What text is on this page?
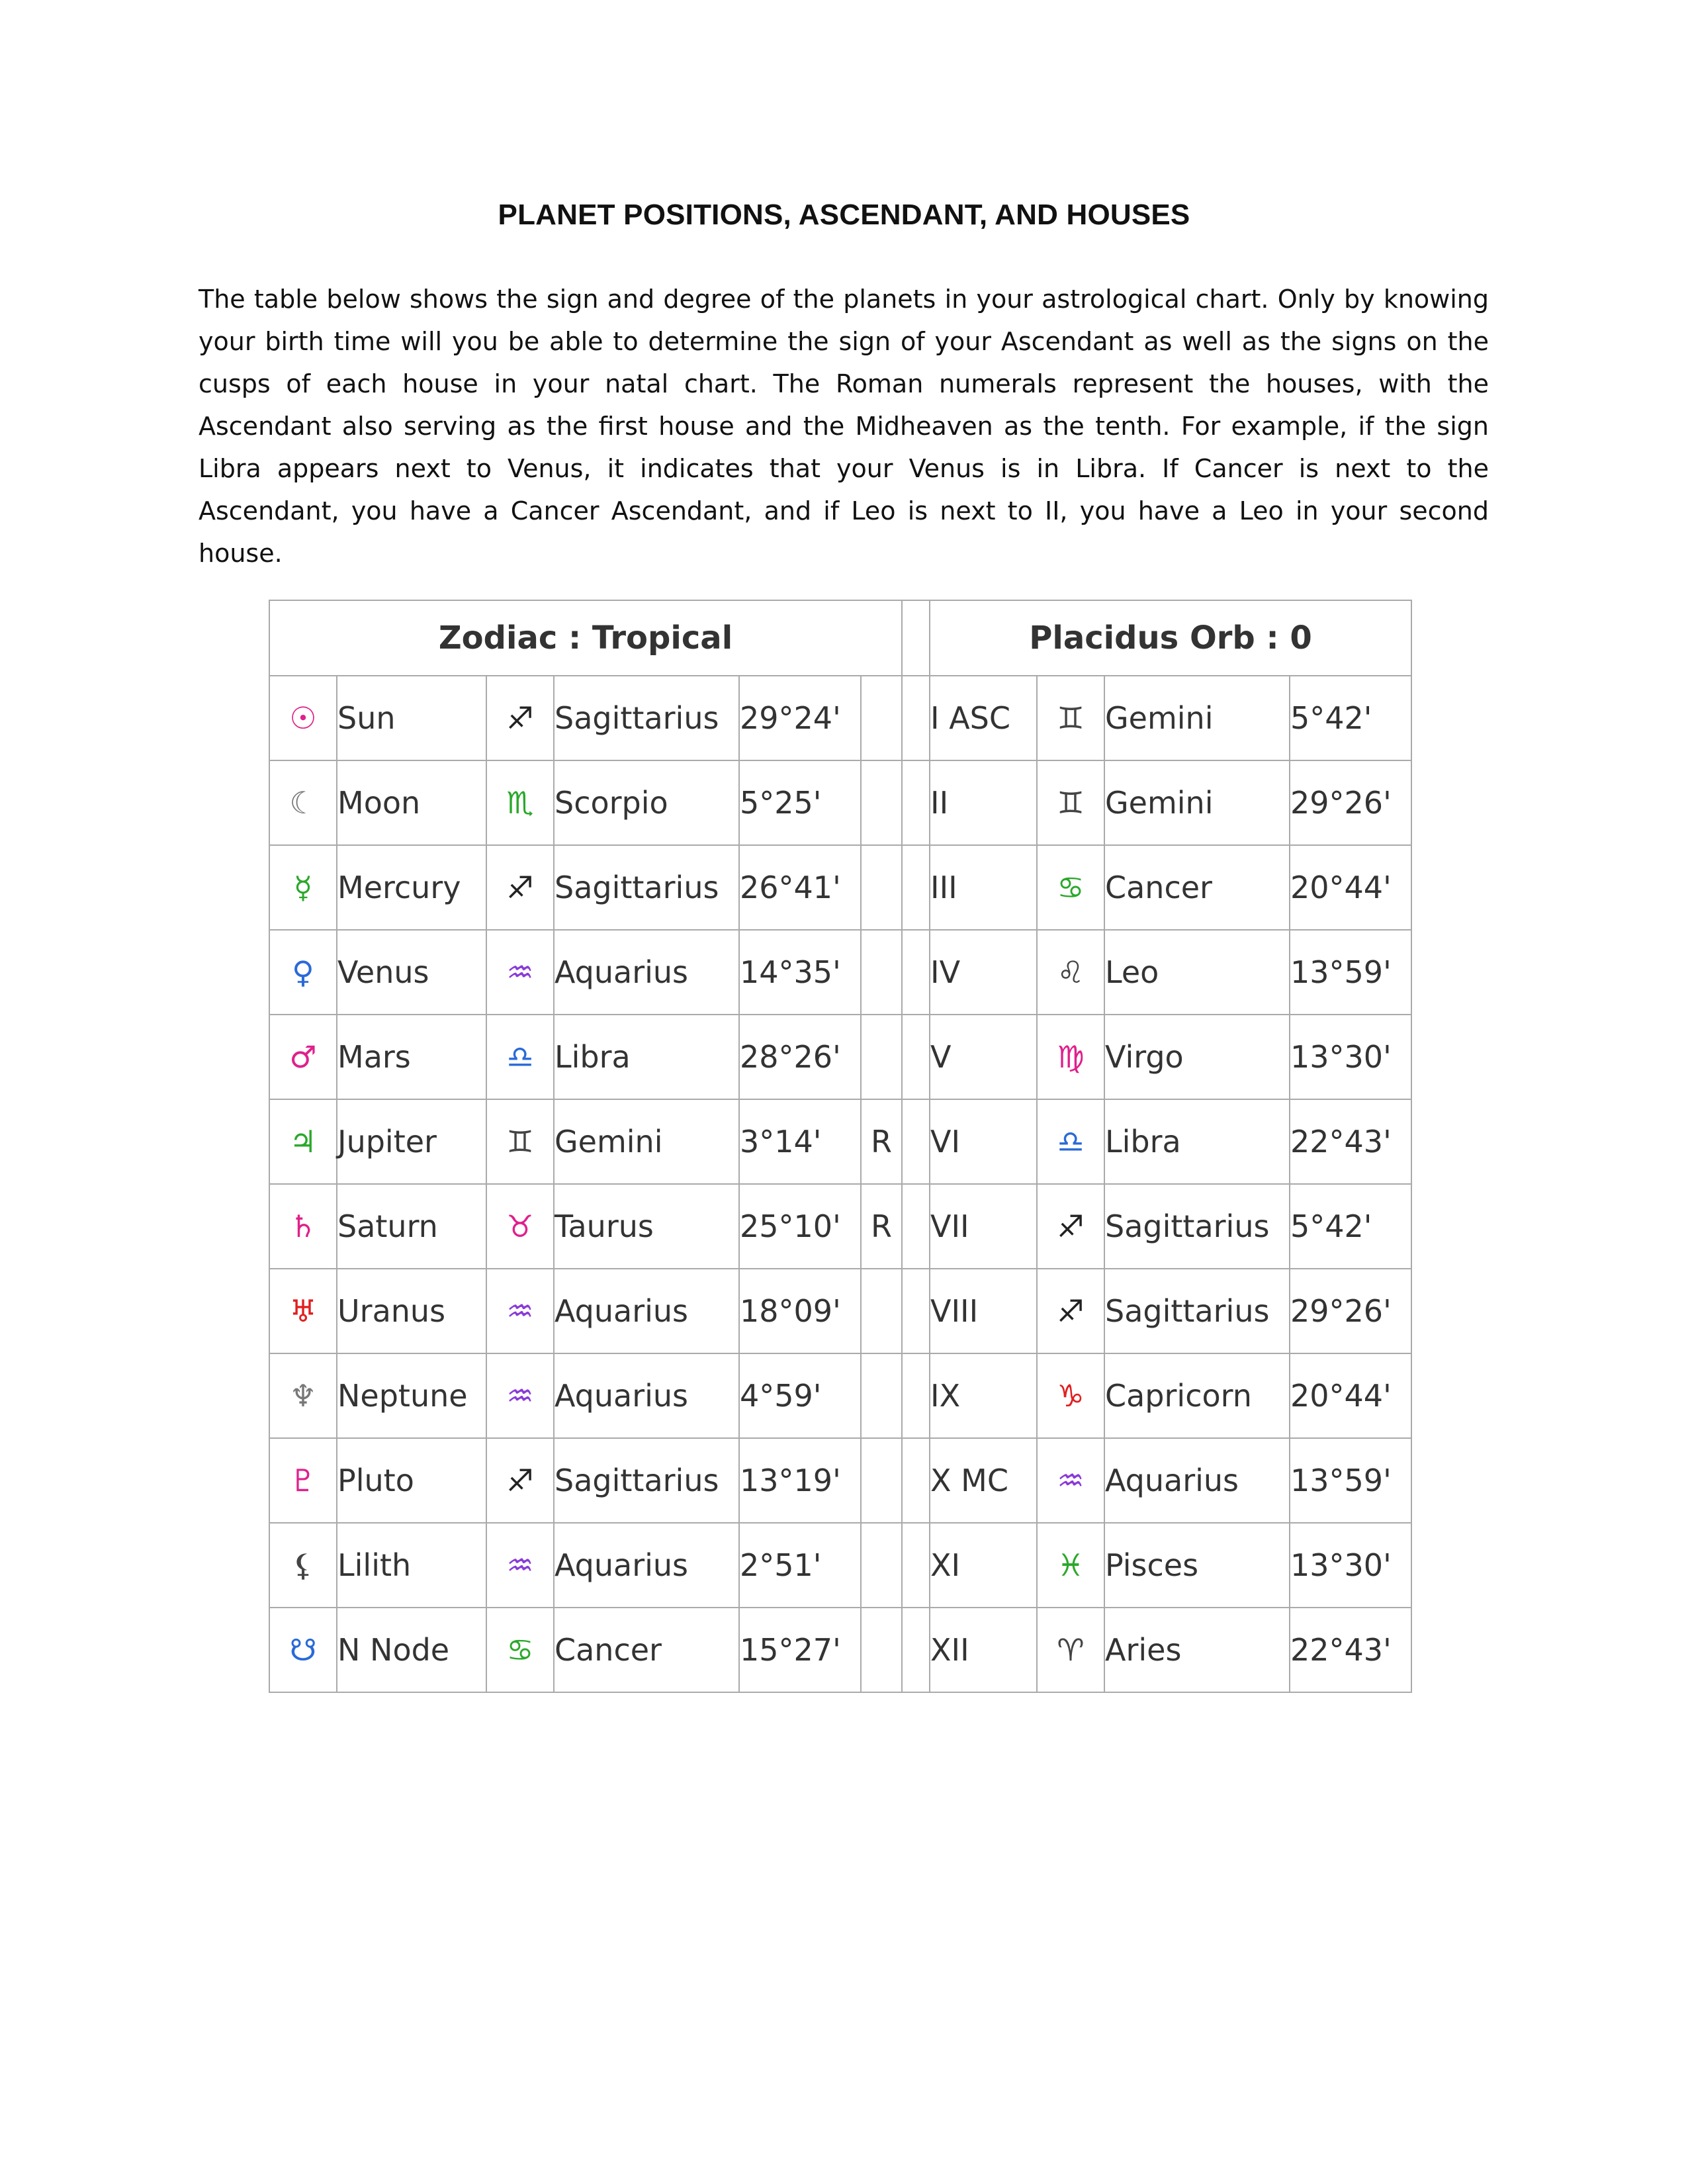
PLANET POSITIONS, ASCENDANT, AND HOUSES
The table below shows the sign and degree of the planets in your astrological chart. Only by knowing your birth time will you be able to determine the sign of your Ascendant as well as the signs on the cusps of each house in your natal chart. The Roman numerals represent the houses, with the Ascendant also serving as the first house and the Midheaven as the tenth. For example, if the sign Libra appears next to Venus, it indicates that your Venus is in Libra. If Cancer is next to the Ascendant, you have a Cancer Ascendant, and if Leo is next to II, you have a Leo in your second house.
Zodiac : Tropical							Placidus Orb : 0			
☉	Sun	♐	Sagittarius	29°24'			I ASC	♊	Gemini	5°42'
☾	Moon	♏	Scorpio	5°25'			II	♊	Gemini	29°26'
☿	Mercury	♐	Sagittarius	26°41'			III	♋	Cancer	20°44'
♀	Venus	♒	Aquarius	14°35'			IV	♌	Leo	13°59'
♂	Mars	♎	Libra	28°26'			V	♍	Virgo	13°30'
♃	Jupiter	♊	Gemini	3°14'	R		VI	♎	Libra	22°43'
♄	Saturn	♉	Taurus	25°10'	R		VII	♐	Sagittarius	5°42'
♅	Uranus	♒	Aquarius	18°09'			VIII	♐	Sagittarius	29°26'
♆	Neptune	♒	Aquarius	4°59'			IX	♑	Capricorn	20°44'
♇	Pluto	♐	Sagittarius	13°19'			X MC	♒	Aquarius	13°59'
⚸	Lilith	♒	Aquarius	2°51'			XI	♓	Pisces	13°30'
☋	N Node	♋	Cancer	15°27'			XII	♈	Aries	22°43'
